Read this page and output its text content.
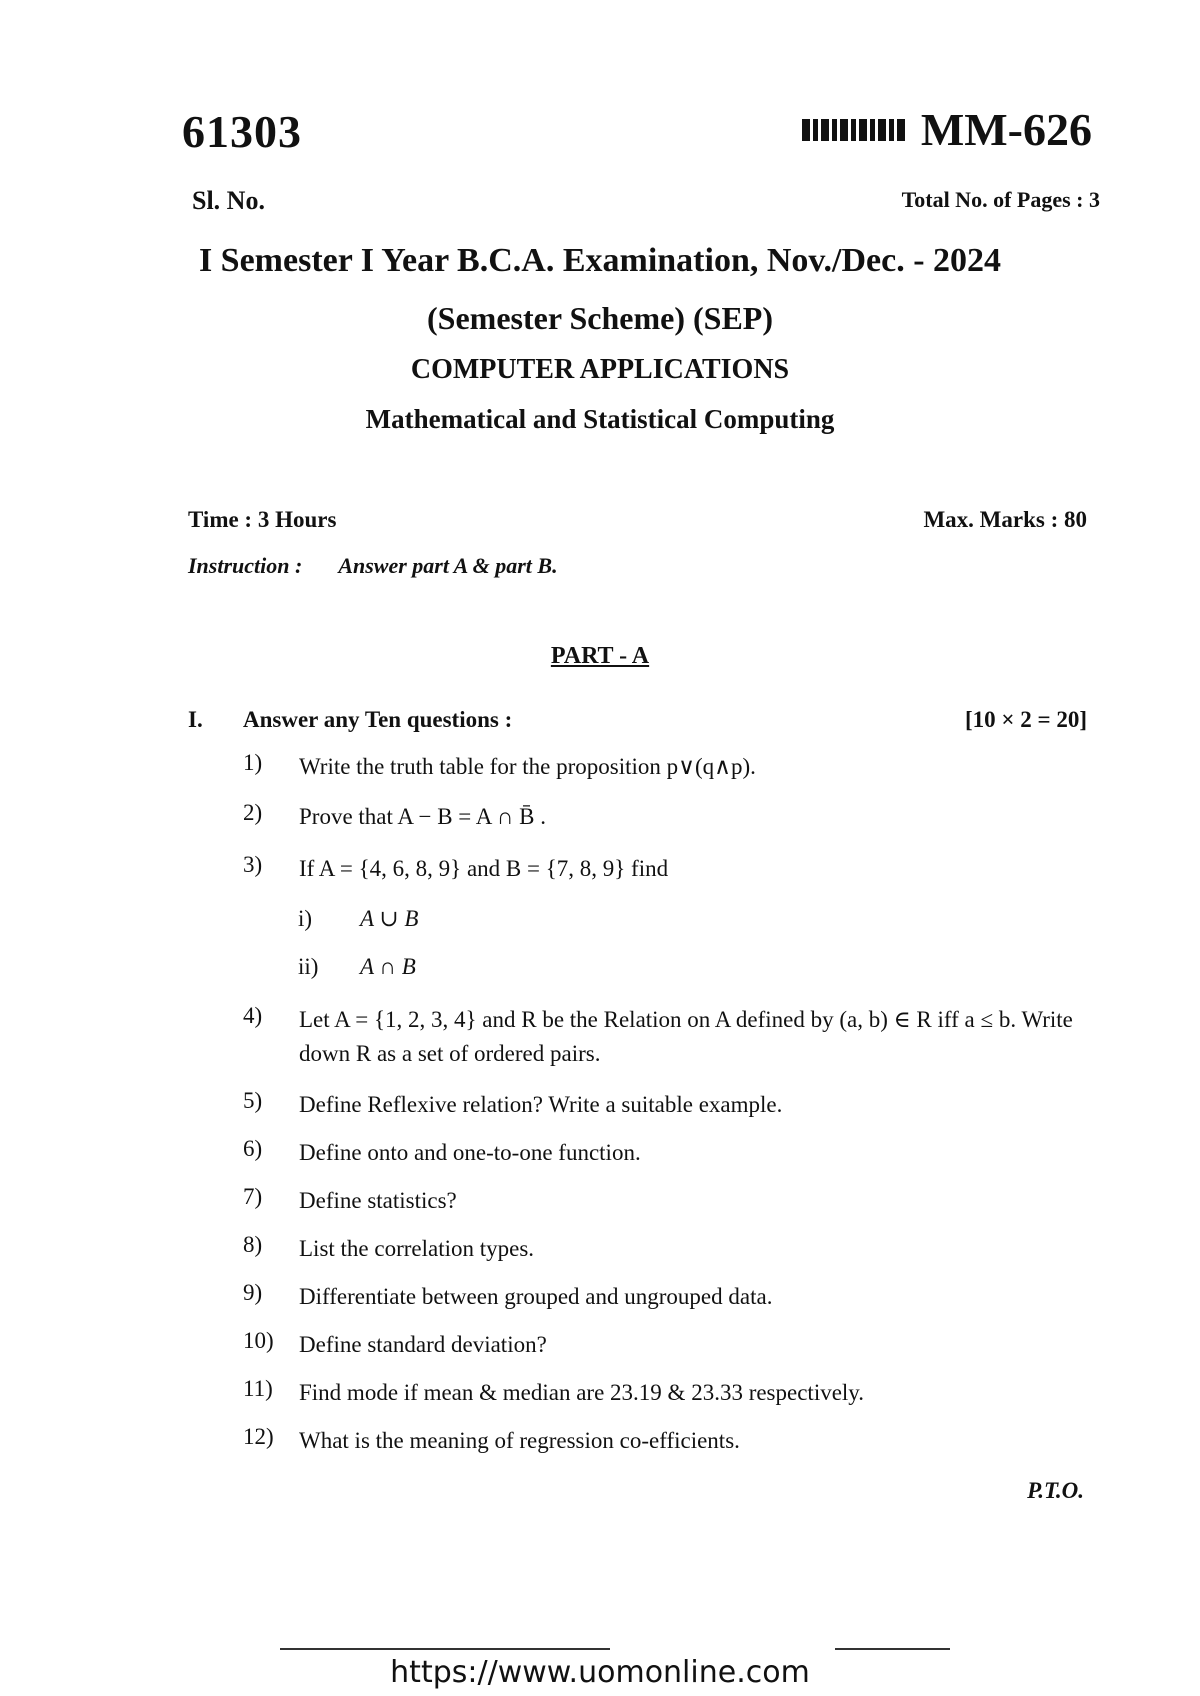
61303	MM-626
Sl. No.	Total No. of Pages : 3
I Semester I Year B.C.A. Examination, Nov./Dec. - 2024
(Semester Scheme) (SEP)
COMPUTER APPLICATIONS
Mathematical and Statistical Computing
Time : 3 Hours	Max. Marks : 80
Instruction : Answer part A & part B.
PART - A
I. Answer any Ten questions :	[10 × 2 = 20]
1)	Write the truth table for the proposition p∨(q∧p).
2)	Prove that A − B = A ∩ B̄ .
3)	If A = {4, 6, 8, 9} and B = {7, 8, 9} find
i)	A ∪ B
ii)	A ∩ B
4)	Let A = {1, 2, 3, 4} and R be the Relation on A defined by (a, b) ∈ R iff a ≤ b. Write down R as a set of ordered pairs.
5)	Define Reflexive relation? Write a suitable example.
6)	Define onto and one-to-one function.
7)	Define statistics?
8)	List the correlation types.
9)	Differentiate between grouped and ungrouped data.
10)	Define standard deviation?
11)	Find mode if mean & median are 23.19 & 23.33 respectively.
12)	What is the meaning of regression co-efficients.
P.T.O.
https://www.uomonline.com
